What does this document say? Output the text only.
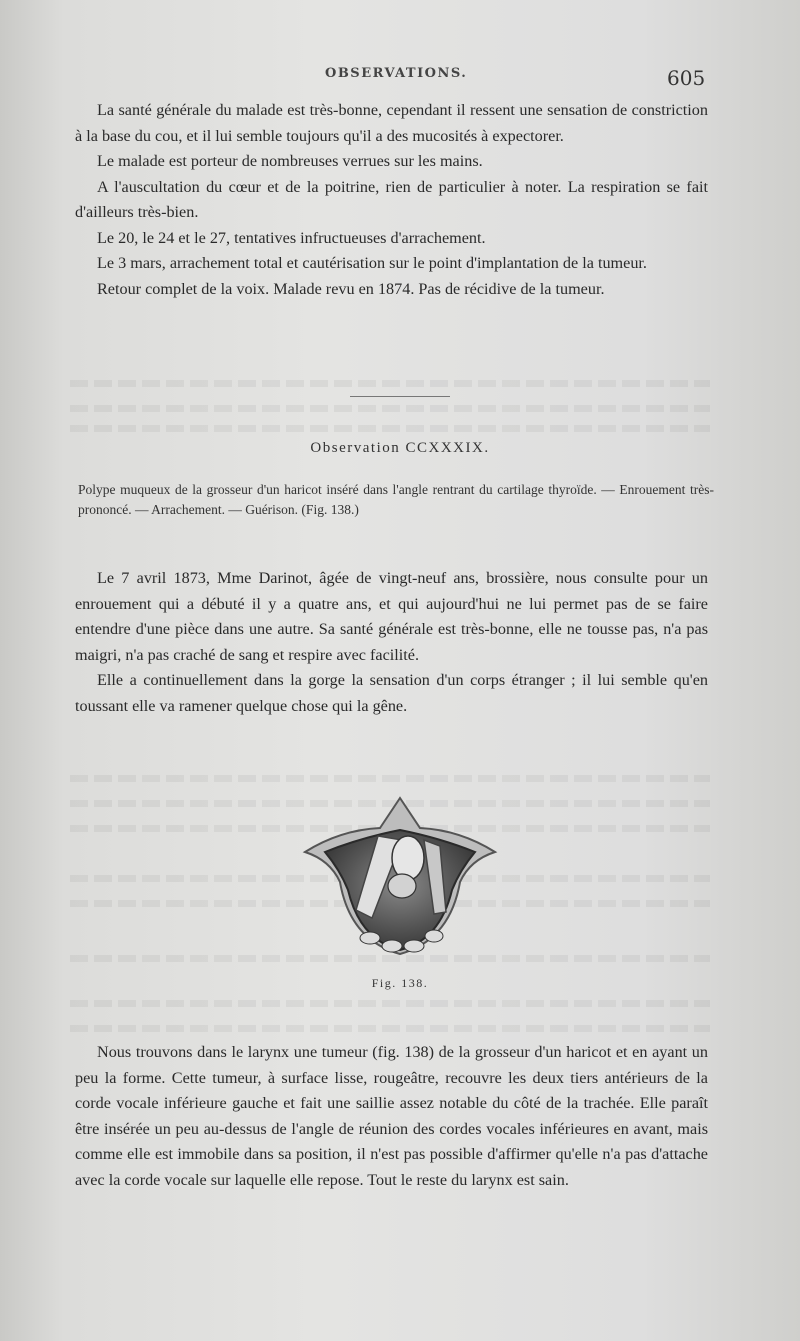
OBSERVATIONS.	605

La santé générale du malade est très-bonne, cependant il ressent une sensation de constriction à la base du cou, et il lui semble toujours qu'il a des mucosités à expectorer.

Le malade est porteur de nombreuses verrues sur les mains.

A l'auscultation du cœur et de la poitrine, rien de particulier à noter. La respiration se fait d'ailleurs très-bien.

Le 20, le 24 et le 27, tentatives infructueuses d'arrachement.

Le 3 mars, arrachement total et cautérisation sur le point d'implantation de la tumeur.

Retour complet de la voix. Malade revu en 1874. Pas de récidive de la tumeur.

Observation CCXXXIX.

Polype muqueux de la grosseur d'un haricot inséré dans l'angle rentrant du cartilage thyroïde. — Enrouement très-prononcé. — Arrachement. — Guérison. (Fig. 138.)

Le 7 avril 1873, Mme Darinot, âgée de vingt-neuf ans, brossière, nous consulte pour un enrouement qui a débuté il y a quatre ans, et qui aujourd'hui ne lui permet pas de se faire entendre d'une pièce dans une autre. Sa santé générale est très-bonne, elle ne tousse pas, n'a pas maigri, n'a pas craché de sang et respire avec facilité.

Elle a continuellement dans la gorge la sensation d'un corps étranger ; il lui semble qu'en toussant elle va ramener quelque chose qui la gêne.

Fig. 138.

Nous trouvons dans le larynx une tumeur (fig. 138) de la grosseur d'un haricot et en ayant un peu la forme. Cette tumeur, à surface lisse, rougeâtre, recouvre les deux tiers antérieurs de la corde vocale inférieure gauche et fait une saillie assez notable du côté de la trachée. Elle paraît être insérée un peu au-dessus de l'angle de réunion des cordes vocales inférieures en avant, mais comme elle est immobile dans sa position, il n'est pas possible d'affirmer qu'elle n'a pas d'attache avec la corde vocale sur laquelle elle repose. Tout le reste du larynx est sain.
